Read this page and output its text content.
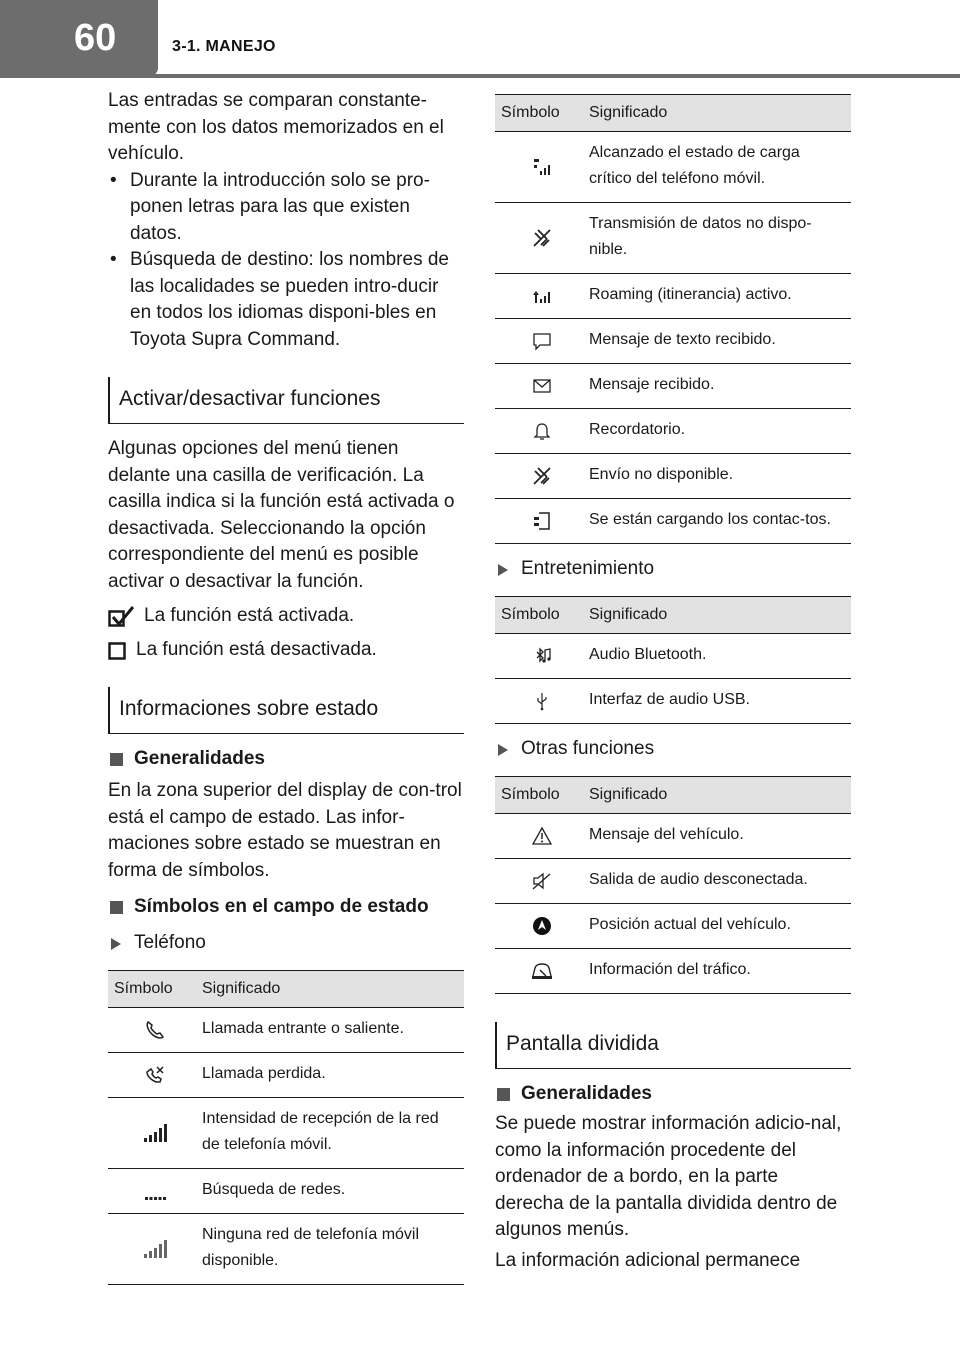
60	3-1. MANEJO

Las entradas se comparan constante-mente con los datos memorizados en el vehículo.

• Durante la introducción solo se pro-ponen letras para las que existen datos.
• Búsqueda de destino: los nombres de las localidades se pueden intro-ducir en todos los idiomas disponi-bles en Toyota Supra Command.
Activar/desactivar funciones

Algunas opciones del menú tienen delante una casilla de verificación. La casilla indica si la función está activada o desactivada. Seleccionando la opción correspondiente del menú es posible activar o desactivar la función.

La función está activada.
La función está desactivada.
Informaciones sobre estado
Generalidades

En la zona superior del display de con-trol está el campo de estado. Las infor-maciones sobre estado se muestran en forma de símbolos.

Símbolos en el campo de estado
Teléfono
Símbolo	Significado
	Llamada entrante o saliente.
	Llamada perdida.
	Intensidad de recepción de la red de telefonía móvil.
	Búsqueda de redes.
	Ninguna red de telefonía móvil disponible.
Símbolo	Significado
	Alcanzado el estado de carga crítico del teléfono móvil.
	Transmisión de datos no dispo-nible.
	Roaming (itinerancia) activo.
	Mensaje de texto recibido.
	Mensaje recibido.
	Recordatorio.
	Envío no disponible.
	Se están cargando los contac-tos.
Entretenimiento
Símbolo	Significado
	Audio Bluetooth.
	Interfaz de audio USB.
Otras funciones
Símbolo	Significado
	Mensaje del vehículo.
	Salida de audio desconectada.
	Posición actual del vehículo.
	Información del tráfico.
Pantalla dividida
Generalidades

Se puede mostrar información adicio-nal, como la información procedente del ordenador de a bordo, en la parte derecha de la pantalla dividida dentro de algunos menús.

La información adicional permanece
